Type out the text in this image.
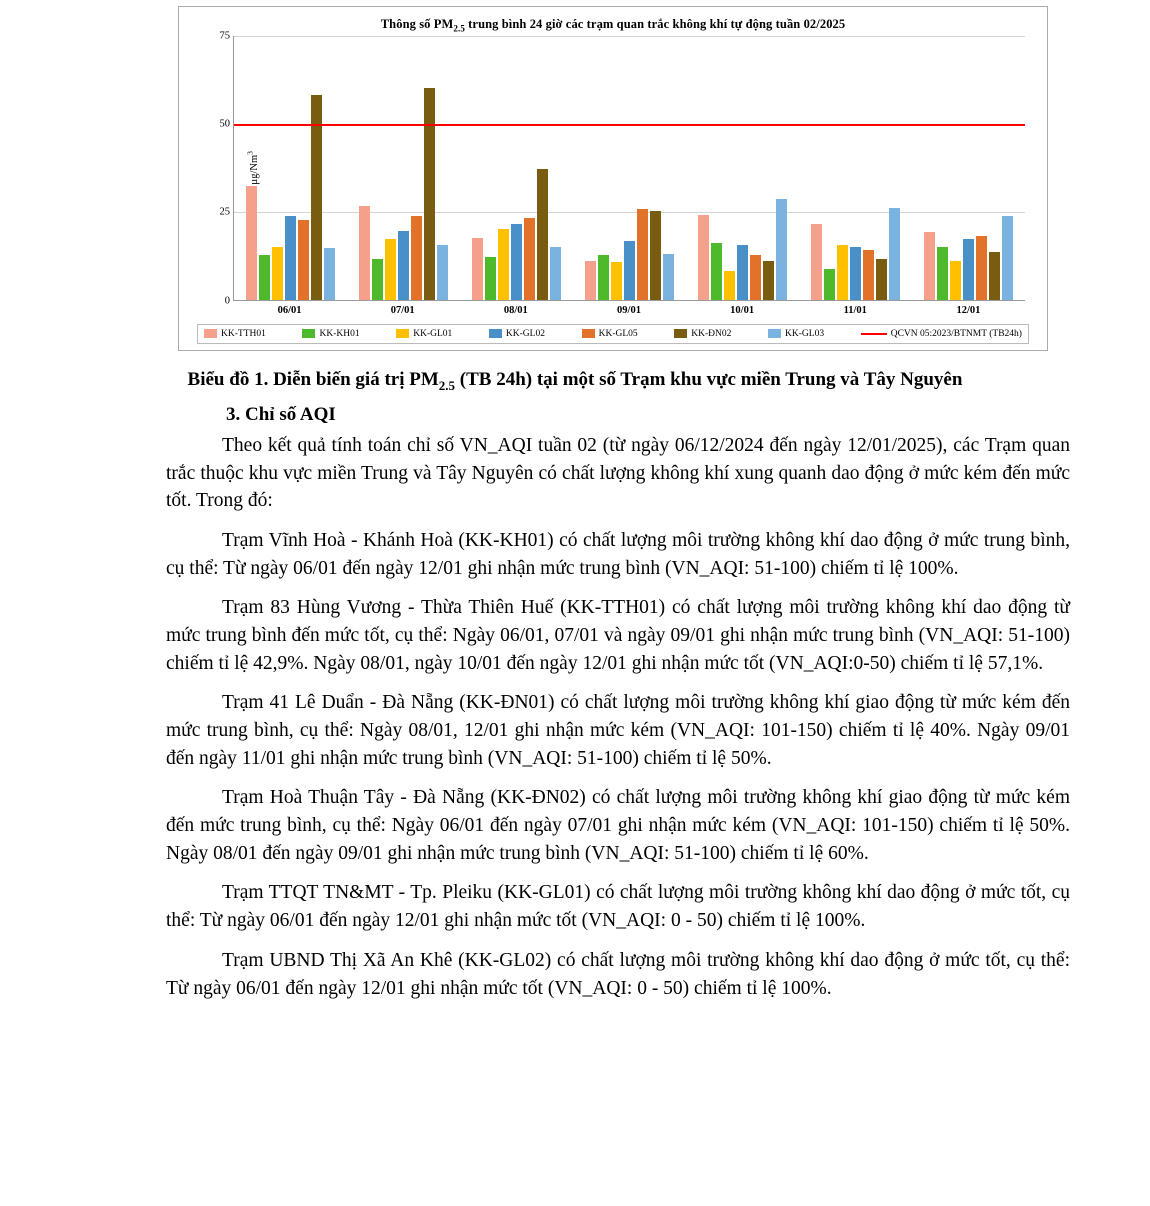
Thông số $PM_{2.5}$ trung bình 24 giờ các trạm quan trắc không khí tự động tuần 02/2025
µg/Nm$^3$
0
25
50
75
06/01	07/01	08/01	09/01	10/01	11/01	12/01
KK-TTH01	KK-KH01	KK-GL01	KK-GL02	KK-GL05	KK-ĐN02	KK-GL03	QCVN 05:2023/BTNMT (TB24h)
Biểu đồ 1. Diễn biến giá trị $PM_{2.5}$ (TB 24h) tại một số Trạm khu vực miền Trung và Tây Nguyên
3. Chỉ số AQI

Theo kết quả tính toán chỉ số VN_AQI tuần 02 (từ ngày 06/12/2024 đến ngày 12/01/2025), các Trạm quan trắc thuộc khu vực miền Trung và Tây Nguyên có chất lượng không khí xung quanh dao động ở mức kém đến mức tốt. Trong đó:

Trạm Vĩnh Hoà - Khánh Hoà (KK-KH01) có chất lượng môi trường không khí dao động ở mức trung bình, cụ thể: Từ ngày 06/01 đến ngày 12/01 ghi nhận mức trung bình (VN_AQI: 51-100) chiếm tỉ lệ 100%.

Trạm 83 Hùng Vương - Thừa Thiên Huế (KK-TTH01) có chất lượng môi trường không khí dao động từ mức trung bình đến mức tốt, cụ thể: Ngày 06/01, 07/01 và ngày 09/01 ghi nhận mức trung bình (VN_AQI: 51-100) chiếm tỉ lệ 42,9%. Ngày 08/01, ngày 10/01 đến ngày 12/01 ghi nhận mức tốt (VN_AQI:0-50) chiếm tỉ lệ 57,1%.

Trạm 41 Lê Duẩn - Đà Nẵng (KK-ĐN01) có chất lượng môi trường không khí giao động từ mức kém đến mức trung bình, cụ thể: Ngày 08/01, 12/01 ghi nhận mức kém (VN_AQI: 101-150) chiếm tỉ lệ 40%. Ngày 09/01 đến ngày 11/01 ghi nhận mức trung bình (VN_AQI: 51-100) chiếm tỉ lệ 50%.

Trạm Hoà Thuận Tây - Đà Nẵng (KK-ĐN02) có chất lượng môi trường không khí giao động từ mức kém đến mức trung bình, cụ thể: Ngày 06/01 đến ngày 07/01 ghi nhận mức kém (VN_AQI: 101-150) chiếm tỉ lệ 50%. Ngày 08/01 đến ngày 09/01 ghi nhận mức trung bình (VN_AQI: 51-100) chiếm tỉ lệ 60%.

Trạm TTQT TN&MT - Tp. Pleiku (KK-GL01) có chất lượng môi trường không khí dao động ở mức tốt, cụ thể: Từ ngày 06/01 đến ngày 12/01 ghi nhận mức tốt (VN_AQI: 0 - 50) chiếm tỉ lệ 100%.

Trạm UBND Thị Xã An Khê (KK-GL02) có chất lượng môi trường không khí dao động ở mức tốt, cụ thể: Từ ngày 06/01 đến ngày 12/01 ghi nhận mức tốt (VN_AQI: 0 - 50) chiếm tỉ lệ 100%.
